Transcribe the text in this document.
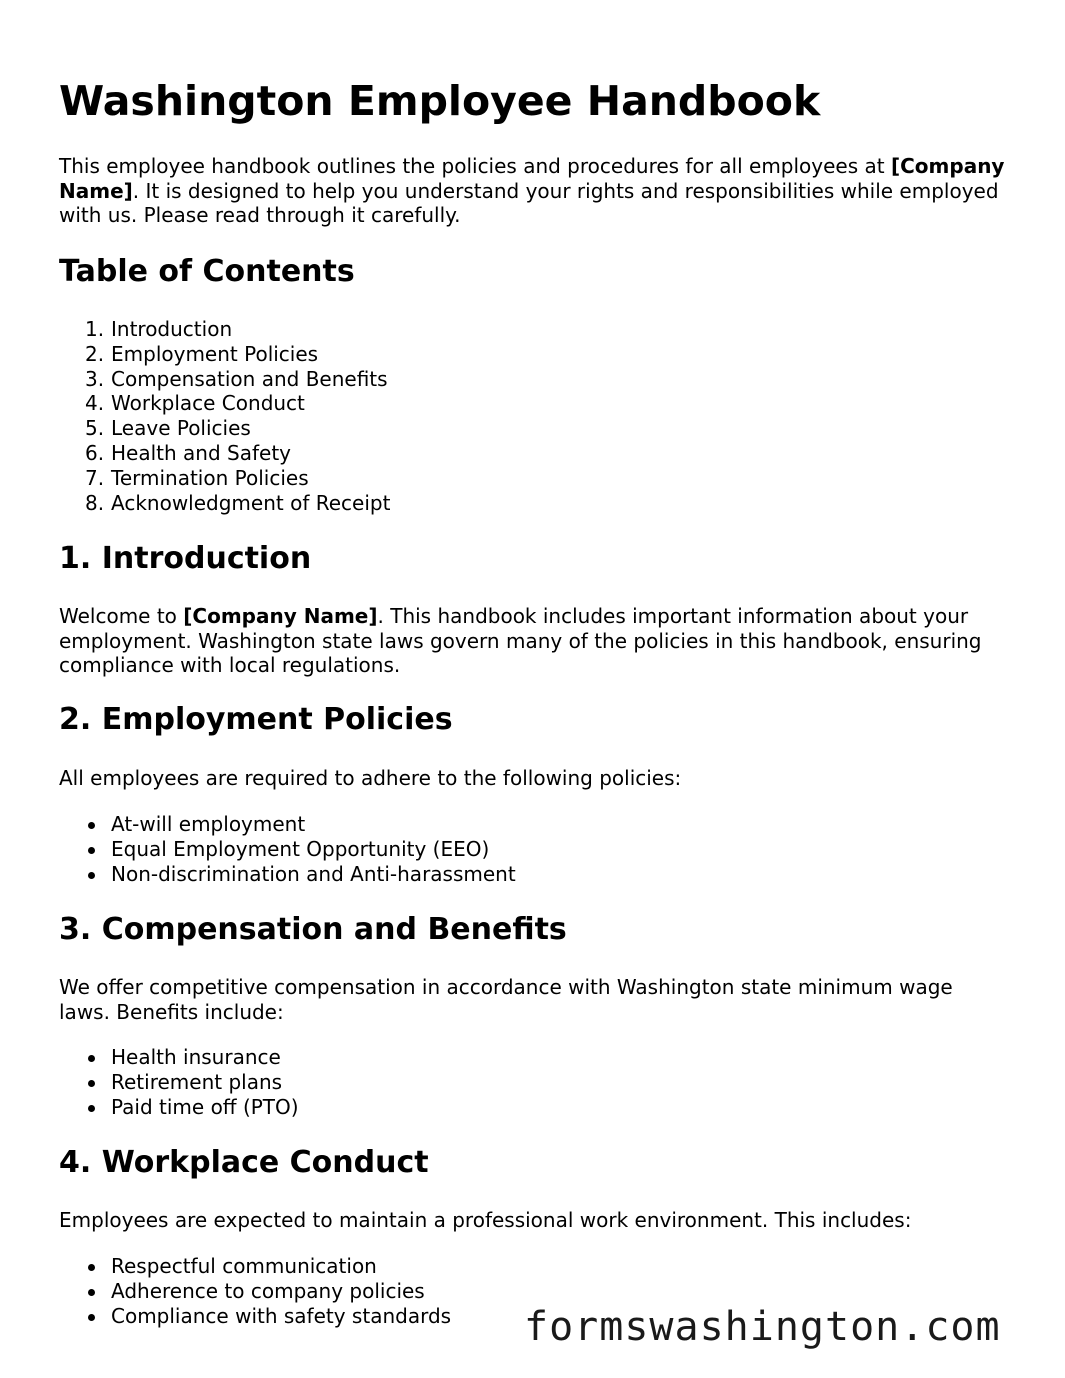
Washington Employee Handbook

This employee handbook outlines the policies and procedures for all employees at [Company Name]. It is designed to help you understand your rights and responsibilities while employed with us. Please read through it carefully.

Table of Contents
1. Introduction
2. Employment Policies
3. Compensation and Benefits
4. Workplace Conduct
5. Leave Policies
6. Health and Safety
7. Termination Policies
8. Acknowledgment of Receipt
1. Introduction

Welcome to [Company Name]. This handbook includes important information about your employment. Washington state laws govern many of the policies in this handbook, ensuring compliance with local regulations.

2. Employment Policies

All employees are required to adhere to the following policies:

At-will employment
Equal Employment Opportunity (EEO)
Non-discrimination and Anti-harassment
3. Compensation and Benefits

We offer competitive compensation in accordance with Washington state minimum wage laws. Benefits include:

Health insurance
Retirement plans
Paid time off (PTO)
4. Workplace Conduct

Employees are expected to maintain a professional work environment. This includes:

Respectful communication
Adherence to company policies
Compliance with safety standards formswashington.com
